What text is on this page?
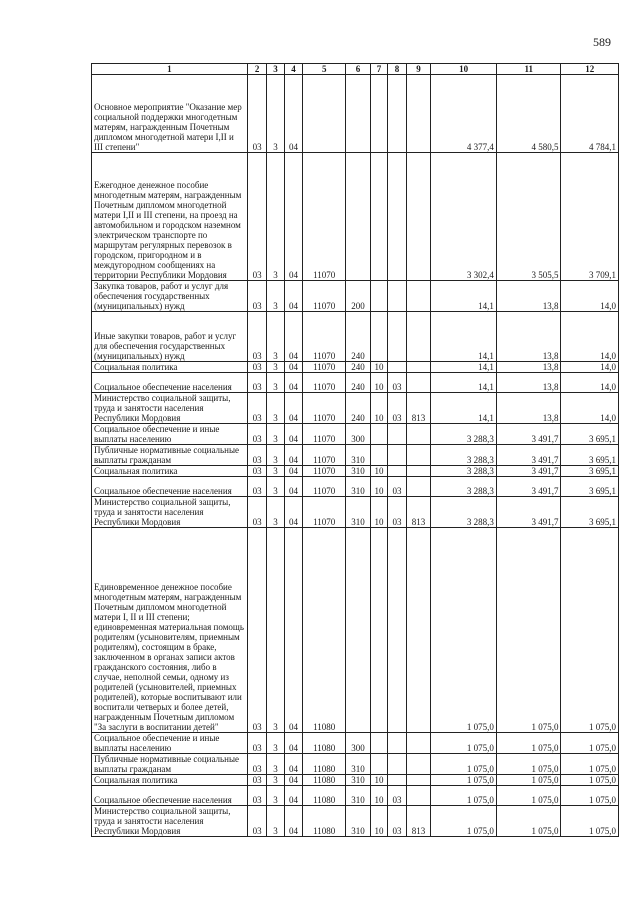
589
1	2	3	4	5	6	7	8	9	10	11	12
Основное мероприятие "Оказание мер социальной поддержки многодетным матерям, награжденным Почетным дипломом многодетной матери I,II и III степени"	03	3	04						4 377,4	4 580,5	4 784,1
Ежегодное денежное пособие многодетным матерям, награжденным Почетным дипломом многодетной матери I,II и III степени, на проезд на автомобильном и городском наземном электрическом транспорте по маршрутам регулярных перевозок в городском, пригородном и в междугородном сообщениях на территории Республики Мордовия	03	3	04	11070					3 302,4	3 505,5	3 709,1
Закупка товаров, работ и услуг для обеспечения государственных (муниципальных) нужд	03	3	04	11070	200				14,1	13,8	14,0
Иные закупки товаров, работ и услуг для обеспечения государственных (муниципальных) нужд	03	3	04	11070	240				14,1	13,8	14,0
Социальная политика	03	3	04	11070	240	10			14,1	13,8	14,0
Социальное обеспечение населения	03	3	04	11070	240	10	03		14,1	13,8	14,0
Министерство социальной защиты, труда и занятости населения Республики Мордовия	03	3	04	11070	240	10	03	813	14,1	13,8	14,0
Социальное обеспечение и иные выплаты населению	03	3	04	11070	300				3 288,3	3 491,7	3 695,1
Публичные нормативные социальные выплаты гражданам	03	3	04	11070	310				3 288,3	3 491,7	3 695,1
Социальная политика	03	3	04	11070	310	10			3 288,3	3 491,7	3 695,1
Социальное обеспечение населения	03	3	04	11070	310	10	03		3 288,3	3 491,7	3 695,1
Министерство социальной защиты, труда и занятости населения Республики Мордовия	03	3	04	11070	310	10	03	813	3 288,3	3 491,7	3 695,1
Единовременное денежное пособие многодетным матерям, награжденным Почетным дипломом многодетной матери I, II и III степени; единовременная материальная помощь родителям (усыновителям, приемным родителям), состоящим в браке, заключенном в органах записи актов гражданского состояния, либо в случае, неполной семьи, одному из родителей (усыновителей, приемных родителей), которые воспитывают или воспитали четверых и более детей, награжденным Почетным дипломом "За заслуги в воспитании детей"	03	3	04	11080					1 075,0	1 075,0	1 075,0
Социальное обеспечение и иные выплаты населению	03	3	04	11080	300				1 075,0	1 075,0	1 075,0
Публичные нормативные социальные выплаты гражданам	03	3	04	11080	310				1 075,0	1 075,0	1 075,0
Социальная политика	03	3	04	11080	310	10			1 075,0	1 075,0	1 075,0
Социальное обеспечение населения	03	3	04	11080	310	10	03		1 075,0	1 075,0	1 075,0
Министерство социальной защиты, труда и занятости населения Республики Мордовия	03	3	04	11080	310	10	03	813	1 075,0	1 075,0	1 075,0
